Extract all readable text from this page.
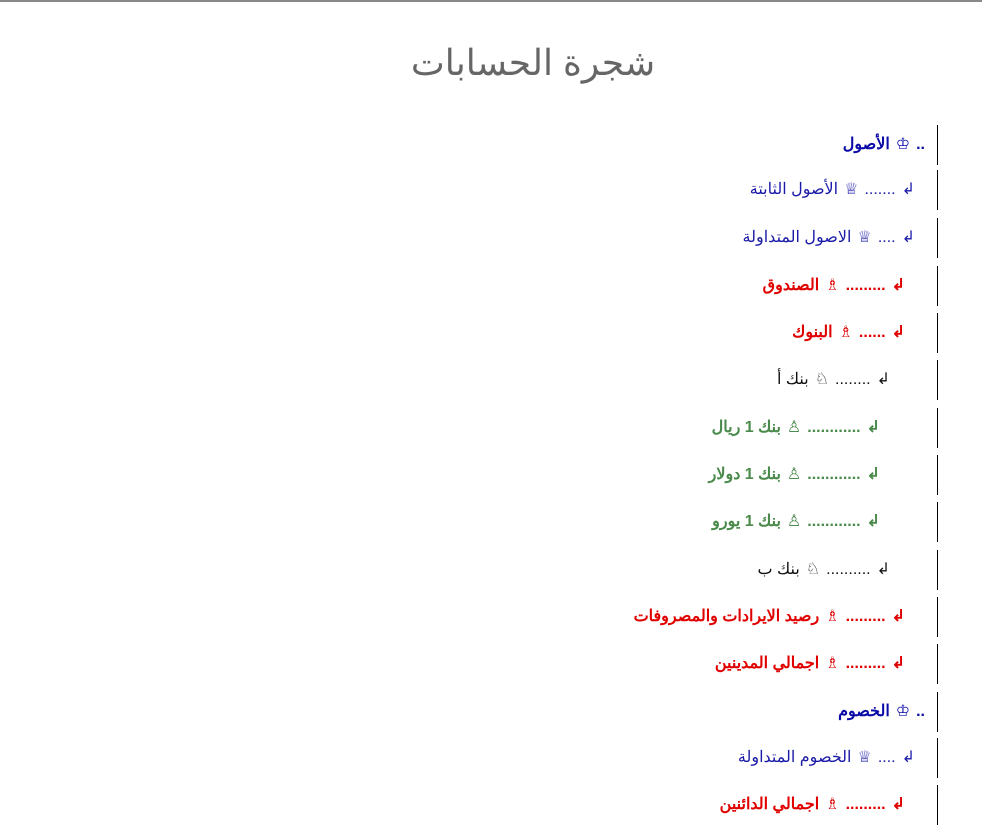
شجرة الحسابات
..♔الأصول
↲.......♕الأصول الثابتة
↲....♕الاصول المتداولة
↲.........♗الصندوق
↲......♗البنوك
↲........♘بنك أ
↲............♙بنك 1 ريال
↲............♙بنك 1 دولار
↲............♙بنك 1 يورو
↲..........♘بنك ب
↲.........♗رصيد الايرادات والمصروفات
↲.........♗اجمالي المدينين
..♔الخصوم
↲....♕الخصوم المتداولة
↲.........♗اجمالي الدائنين
